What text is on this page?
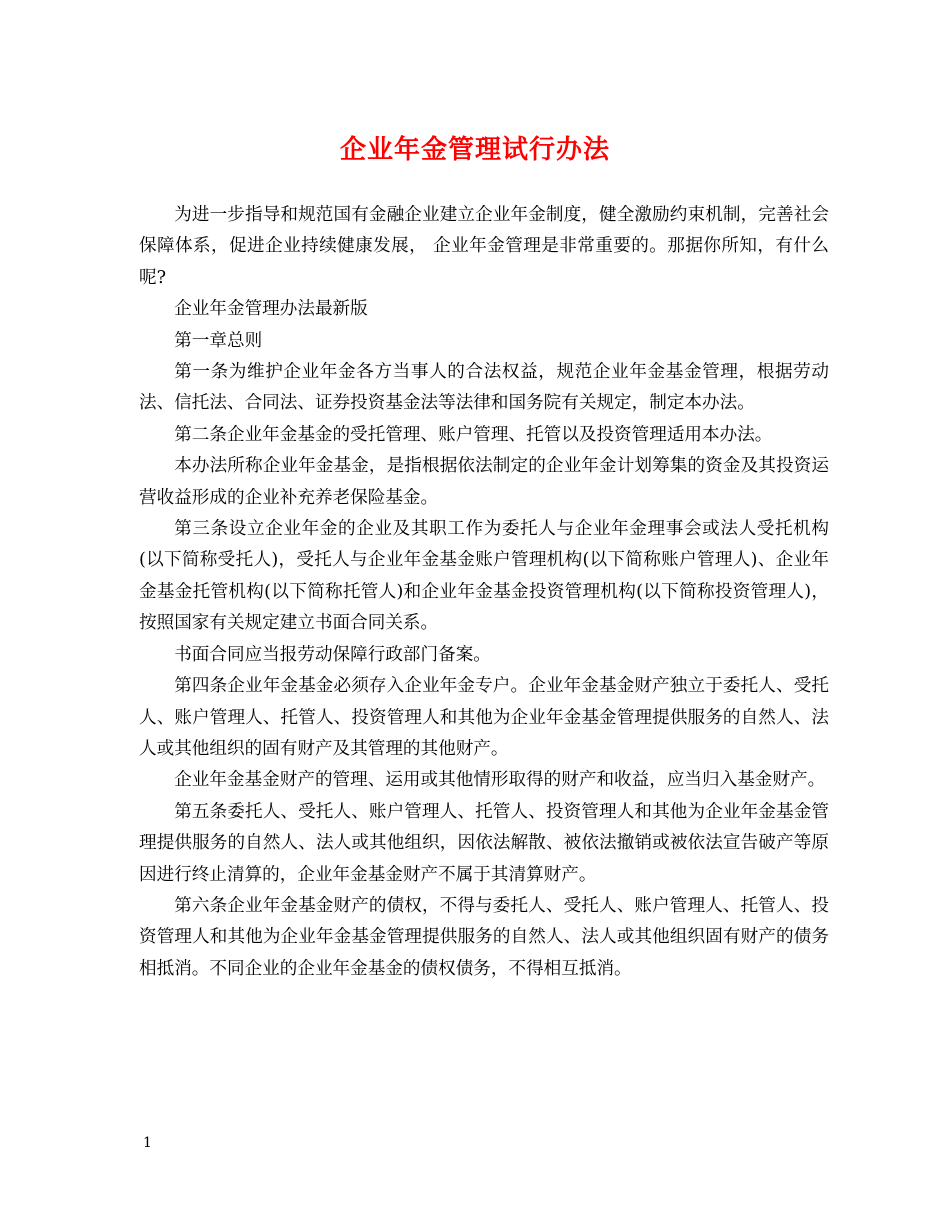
企业年金管理试行办法

为进一步指导和规范国有金融企业建立企业年金制度，健全激励约束机制，完善社会保障体系，促进企业持续健康发展， 企业年金管理是非常重要的。那据你所知，有什么呢?

企业年金管理办法最新版

第一章总则

第一条为维护企业年金各方当事人的合法权益，规范企业年金基金管理，根据劳动法、信托法、合同法、证券投资基金法等法律和国务院有关规定，制定本办法。

第二条企业年金基金的受托管理、账户管理、托管以及投资管理适用本办法。

本办法所称企业年金基金，是指根据依法制定的企业年金计划筹集的资金及其投资运营收益形成的企业补充养老保险基金。

第三条设立企业年金的企业及其职工作为委托人与企业年金理事会或法人受托机构(以下简称受托人)，受托人与企业年金基金账户管理机构(以下简称账户管理人)、企业年金基金托管机构(以下简称托管人)和企业年金基金投资管理机构(以下简称投资管理人)，按照国家有关规定建立书面合同关系。

书面合同应当报劳动保障行政部门备案。

第四条企业年金基金必须存入企业年金专户。企业年金基金财产独立于委托人、受托人、账户管理人、托管人、投资管理人和其他为企业年金基金管理提供服务的自然人、法人或其他组织的固有财产及其管理的其他财产。

企业年金基金财产的管理、运用或其他情形取得的财产和收益，应当归入基金财产。

第五条委托人、受托人、账户管理人、托管人、投资管理人和其他为企业年金基金管理提供服务的自然人、法人或其他组织，因依法解散、被依法撤销或被依法宣告破产等原因进行终止清算的，企业年金基金财产不属于其清算财产。

第六条企业年金基金财产的债权，不得与委托人、受托人、账户管理人、托管人、投资管理人和其他为企业年金基金管理提供服务的自然人、法人或其他组织固有财产的债务相抵消。不同企业的企业年金基金的债权债务，不得相互抵消。

1
